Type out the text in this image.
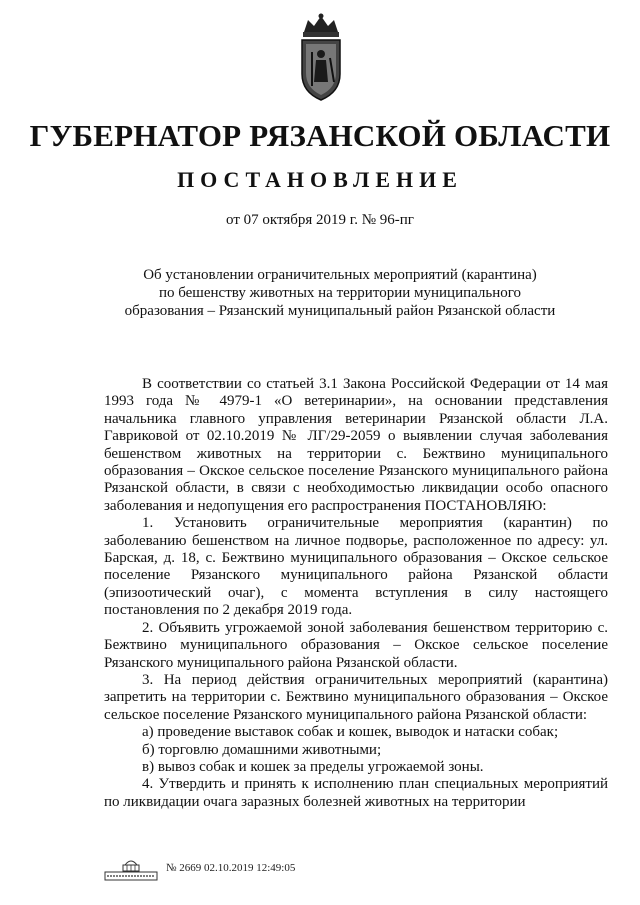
ГУБЕРНАТОР РЯЗАНСКОЙ ОБЛАСТИ
ПОСТАНОВЛЕНИЕ
от 07 октября 2019 г. № 96-пг
Об установлении ограничительных мероприятий (карантина)
по бешенству животных на территории муниципального
образования – Рязанский муниципальный район Рязанской области

В соответствии со статьей 3.1 Закона Российской Федерации от 14 мая 1993 года № 4979-1 «О ветеринарии», на основании представления начальника главного управления ветеринарии Рязанской области Л.А. Гавриковой от 02.10.2019 № ЛГ/29-2059 о выявлении случая заболевания бешенством животных на территории с. Бежтвино муниципального образования – Окское сельское поселение Рязанского муниципального района Рязанской области, в связи с необходимостью ликвидации особо опасного заболевания и недопущения его распространения ПОСТАНОВЛЯЮ:

1. Установить ограничительные мероприятия (карантин) по заболеванию бешенством на личное подворье, расположенное по адресу: ул. Барская, д. 18, с. Бежтвино муниципального образования – Окское сельское поселение Рязанского муниципального района Рязанской области (эпизоотический очаг), с момента вступления в силу настоящего постановления по 2 декабря 2019 года.

2. Объявить угрожаемой зоной заболевания бешенством территорию с. Бежтвино муниципального образования – Окское сельское поселение Рязанского муниципального района Рязанской области.

3. На период действия ограничительных мероприятий (карантина) запретить на территории с. Бежтвино муниципального образования – Окское сельское поселение Рязанского муниципального района Рязанской области:

а) проведение выставок собак и кошек, выводок и натаски собак;

б) торговлю домашними животными;

в) вывоз собак и кошек за пределы угрожаемой зоны.

4. Утвердить и принять к исполнению план специальных мероприятий по ликвидации очага заразных болезней животных на территории

№ 2669 02.10.2019 12:49:05
